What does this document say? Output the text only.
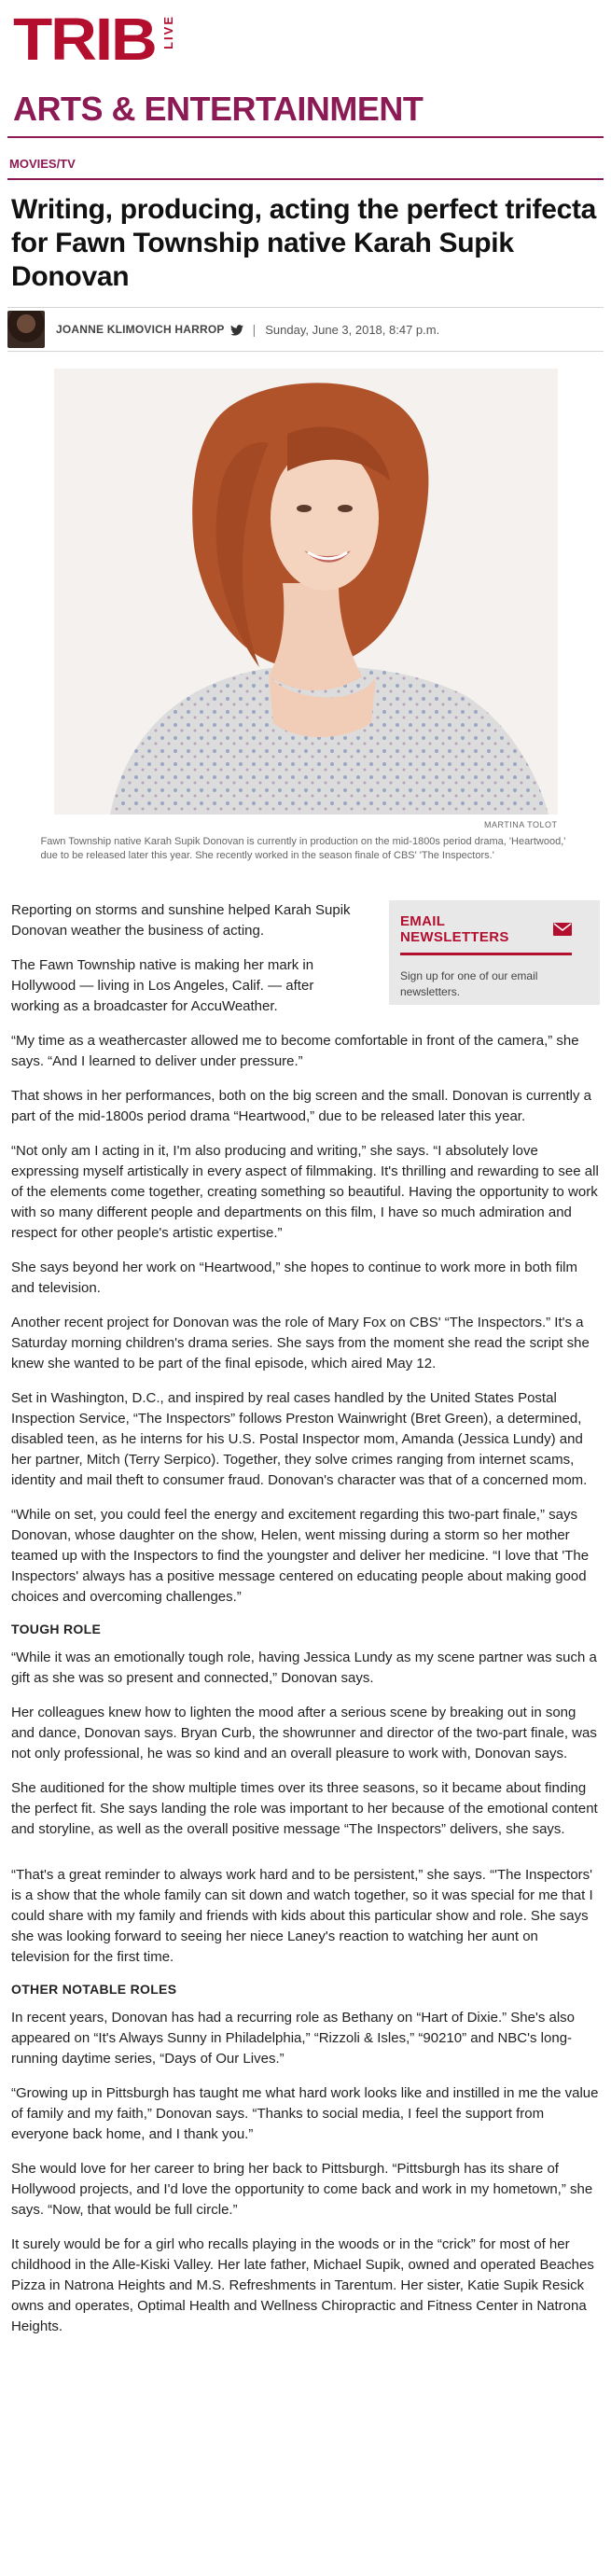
TRIB LIVE
ARTS & ENTERTAINMENT
MOVIES/TV
Writing, producing, acting the perfect trifecta for Fawn Township native Karah Supik Donovan
JOANNE KLIMOVICH HARROP | Sunday, June 3, 2018, 8:47 p.m.
MARTINA TOLOT
Fawn Township native Karah Supik Donovan is currently in production on the mid-1800s period drama, 'Heartwood,' due to be released later this year. She recently worked in the season finale of CBS' 'The Inspectors.'
EMAIL NEWSLETTERS

Sign up for one of our email newsletters.

Reporting on storms and sunshine helped Karah Supik Donovan weather the business of acting.

The Fawn Township native is making her mark in Hollywood — living in Los Angeles, Calif. — after working as a broadcaster for AccuWeather.

“My time as a weathercaster allowed me to become comfortable in front of the camera,” she says. “And I learned to deliver under pressure.”

That shows in her performances, both on the big screen and the small. Donovan is currently a part of the mid-1800s period drama “Heartwood,” due to be released later this year.

“Not only am I acting in it, I'm also producing and writing,” she says. “I absolutely love expressing myself artistically in every aspect of filmmaking. It's thrilling and rewarding to see all of the elements come together, creating something so beautiful. Having the opportunity to work with so many different people and departments on this film, I have so much admiration and respect for other people's artistic expertise.”

She says beyond her work on “Heartwood,” she hopes to continue to work more in both film and television.

Another recent project for Donovan was the role of Mary Fox on CBS' “The Inspectors.” It's a Saturday morning children's drama series. She says from the moment she read the script she knew she wanted to be part of the final episode, which aired May 12.

Set in Washington, D.C., and inspired by real cases handled by the United States Postal Inspection Service, “The Inspectors” follows Preston Wainwright (Bret Green), a determined, disabled teen, as he interns for his U.S. Postal Inspector mom, Amanda (Jessica Lundy) and her partner, Mitch (Terry Serpico). Together, they solve crimes ranging from internet scams, identity and mail theft to consumer fraud. Donovan's character was that of a concerned mom.

“While on set, you could feel the energy and excitement regarding this two-part finale,” says Donovan, whose daughter on the show, Helen, went missing during a storm so her mother teamed up with the Inspectors to find the youngster and deliver her medicine. “I love that 'The Inspectors' always has a positive message centered on educating people about making good choices and overcoming challenges.”

TOUGH ROLE

“While it was an emotionally tough role, having Jessica Lundy as my scene partner was such a gift as she was so present and connected,” Donovan says.

Her colleagues knew how to lighten the mood after a serious scene by breaking out in song and dance, Donovan says. Bryan Curb, the showrunner and director of the two-part finale, was not only professional, he was so kind and an overall pleasure to work with, Donovan says.

She auditioned for the show multiple times over its three seasons, so it became about finding the perfect fit. She says landing the role was important to her because of the emotional content and storyline, as well as the overall positive message “The Inspectors” delivers, she says.

“That's a great reminder to always work hard and to be persistent,” she says. “'The Inspectors' is a show that the whole family can sit down and watch together, so it was special for me that I could share with my family and friends with kids about this particular show and role. She says she was looking forward to seeing her niece Laney's reaction to watching her aunt on television for the first time.

OTHER NOTABLE ROLES

In recent years, Donovan has had a recurring role as Bethany on “Hart of Dixie.” She's also appeared on “It's Always Sunny in Philadelphia,” “Rizzoli & Isles,” “90210” and NBC's long-running daytime series, “Days of Our Lives.”

“Growing up in Pittsburgh has taught me what hard work looks like and instilled in me the value of family and my faith,” Donovan says. “Thanks to social media, I feel the support from everyone back home, and I thank you.”

She would love for her career to bring her back to Pittsburgh. “Pittsburgh has its share of Hollywood projects, and I'd love the opportunity to come back and work in my hometown,” she says. “Now, that would be full circle.”

It surely would be for a girl who recalls playing in the woods or in the “crick” for most of her childhood in the Alle-Kiski Valley. Her late father, Michael Supik, owned and operated Beaches Pizza in Natrona Heights and M.S. Refreshments in Tarentum. Her sister, Katie Supik Resick owns and operates, Optimal Health and Wellness Chiropractic and Fitness Center in Natrona Heights.
